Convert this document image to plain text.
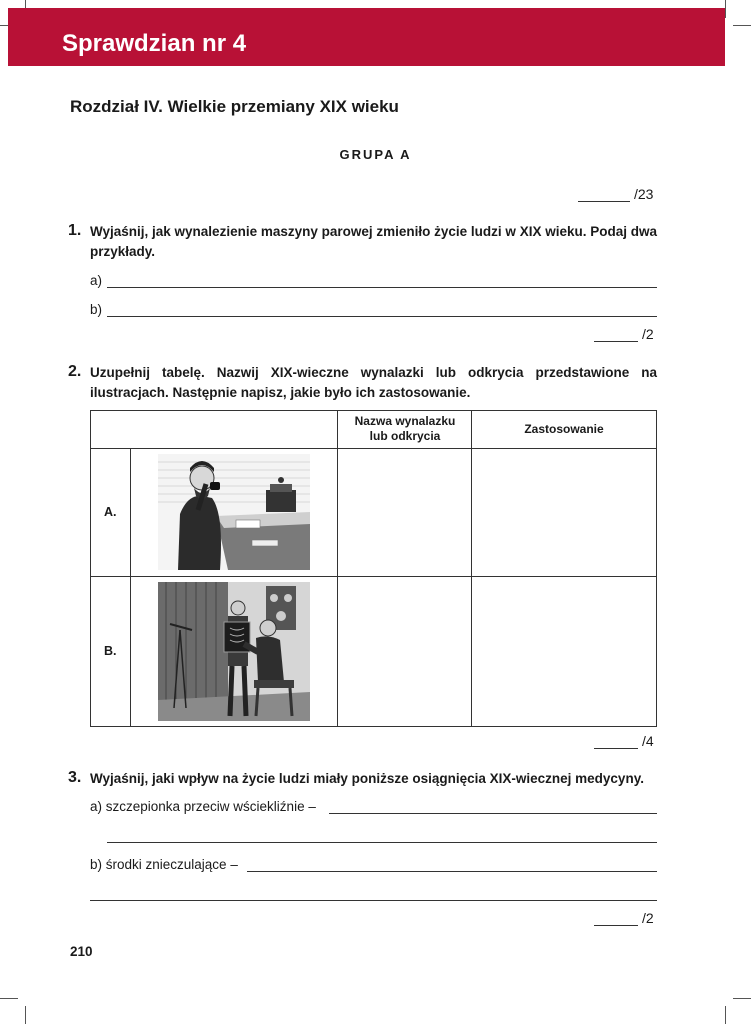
Sprawdzian nr 4
Rozdział IV. Wielkie przemiany XIX wieku
GRUPA A
/23
1. Wyjaśnij, jak wynalezienie maszyny parowej zmieniło życie ludzi w XIX wieku. Podaj dwa przykłady.
a)
b)
/2
2. Uzupełnij tabelę. Nazwij XIX-wieczne wynalazki lub odkrycia przedstawione na ilustracjach. Następnie napisz, jakie było ich zastosowanie.
Nazwa wynalazku lub odkrycia	Zastosowanie
A.
B.
/4
3. Wyjaśnij, jaki wpływ na życie ludzi miały poniższe osiągnięcia XIX-wiecznej medycyny.
a) szczepionka przeciw wściekliźnie –
b) środki znieczulające –
/2
210
